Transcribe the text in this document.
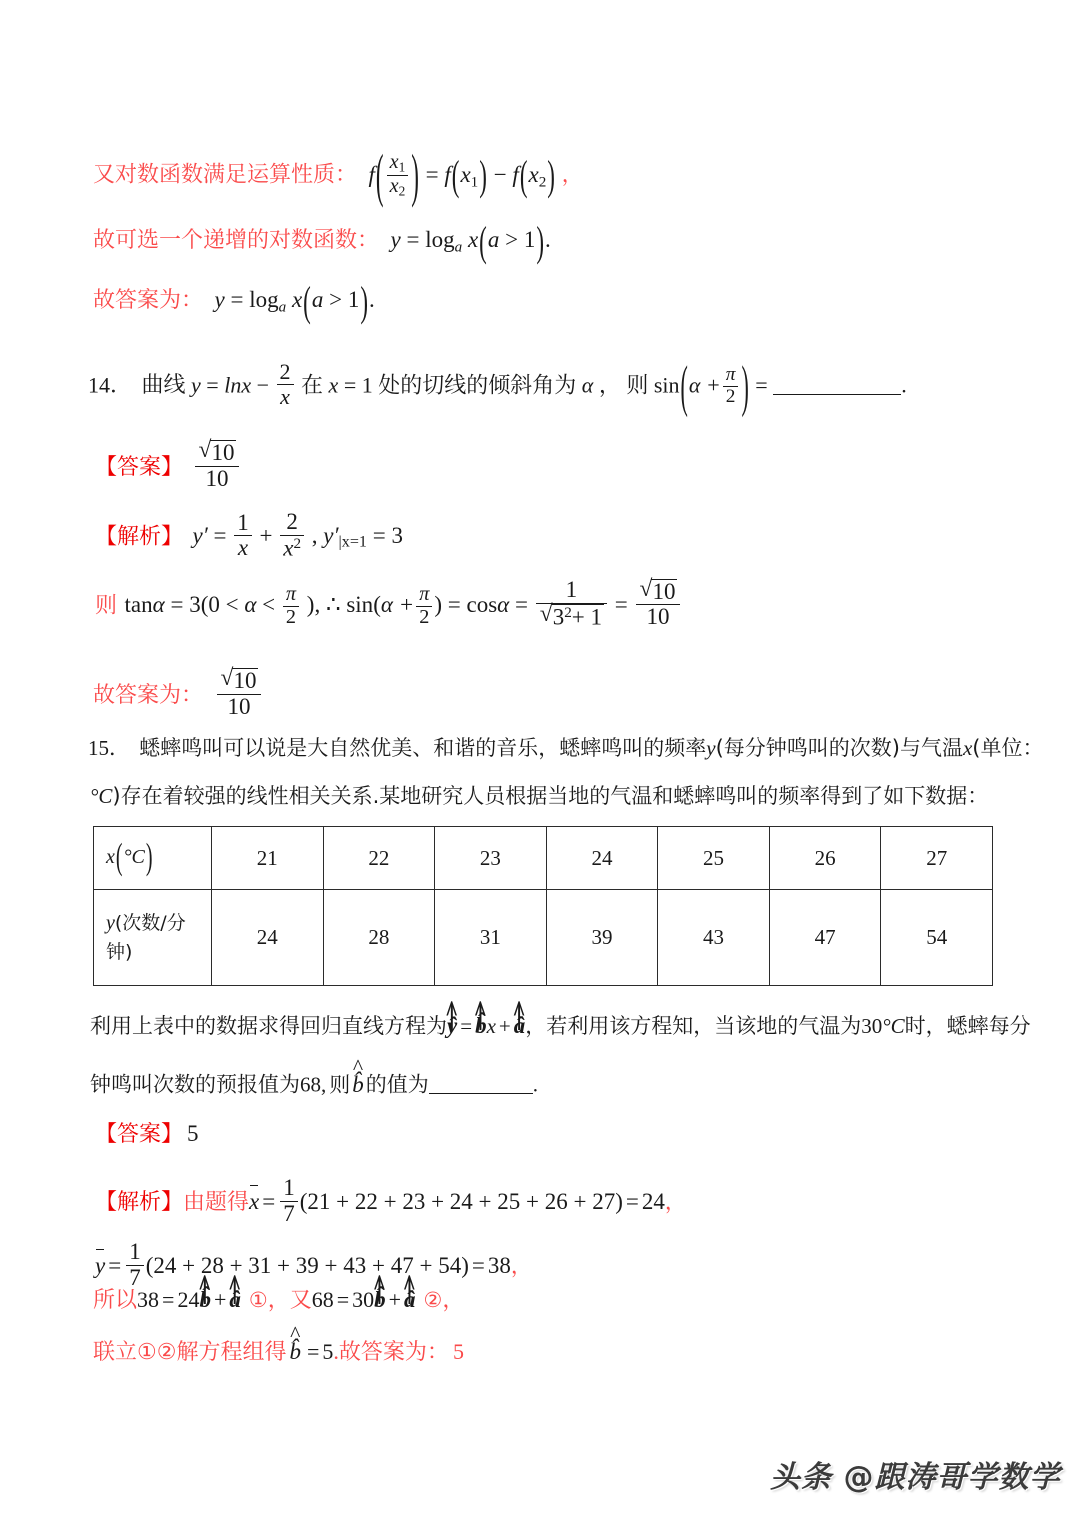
又对数函数满足运算性质： $f( \frac{x1}{x2}$ ) = f(x1) − f(x2) ，
故可选一个递增的对数函数： $y = \log_a x(a > 1)$.
故答案为： $y = \log_a x(a > 1)$.
14． 曲线 $y = \ln x - \frac{2}{x}$ 在 x = 1 处的切线的倾斜角为 α ， 则 $\sin(\alpha + \frac{\pi}{2}$ ) =	.
【答案】 √ $\frac{10}{10}$
【解析】 $y' = \frac{1}{x} + \frac{2}{x^2}$ , y′|x=1 = 3
则 $\tan\alpha = 3(0 < \alpha < \frac{\pi}{2}$ ), ∴ $\sin(\alpha + \frac{\pi}{2}$ ) = cosα = 1
√ $3^2+ 1$ = √ $\frac{10}{10}$
故答案为： √ $\frac{10}{10}$
15． 蟋蟀鸣叫可以说是大自然优美、和谐的音乐，蟋蟀鸣叫的频率y(每分钟鸣叫的次数)与气温x(单位：
°C)存在着较强的线性相关关系.某地研究人员根据当地的气温和蟋蟀鸣叫的频率得到了如下数据：
x(°C)	21	22	23	24	25	26	27
y(次数/分钟)	24	28	31	39	43	47	54
利用上表中的数据求得回归直线方程为^ ŷ | = ^ b̂ |x + ^ â |，若利用该方程知，当该地的气温为30°C时，蟋蟀每分
钟鸣叫次数的预报值为68, 则^ b̂的值为	.
【答案】 5
【解析】由题得$x = \frac{1}{7} (21 + 22 + 23 + 24 + 25 + 26 + 27) = 24$，
$y = \frac{1}{7} (24 + 28 + 31 + 39 + 43 + 47 + 54) = 38$，
所以38 = 24^ b̂ | + ^ â | ①，又68 = 30^ b̂ | + ^ â | ②，
联立①②解方程组得 ^ b̂ = 5.故答案为： 5
头条 @跟涛哥学数学
